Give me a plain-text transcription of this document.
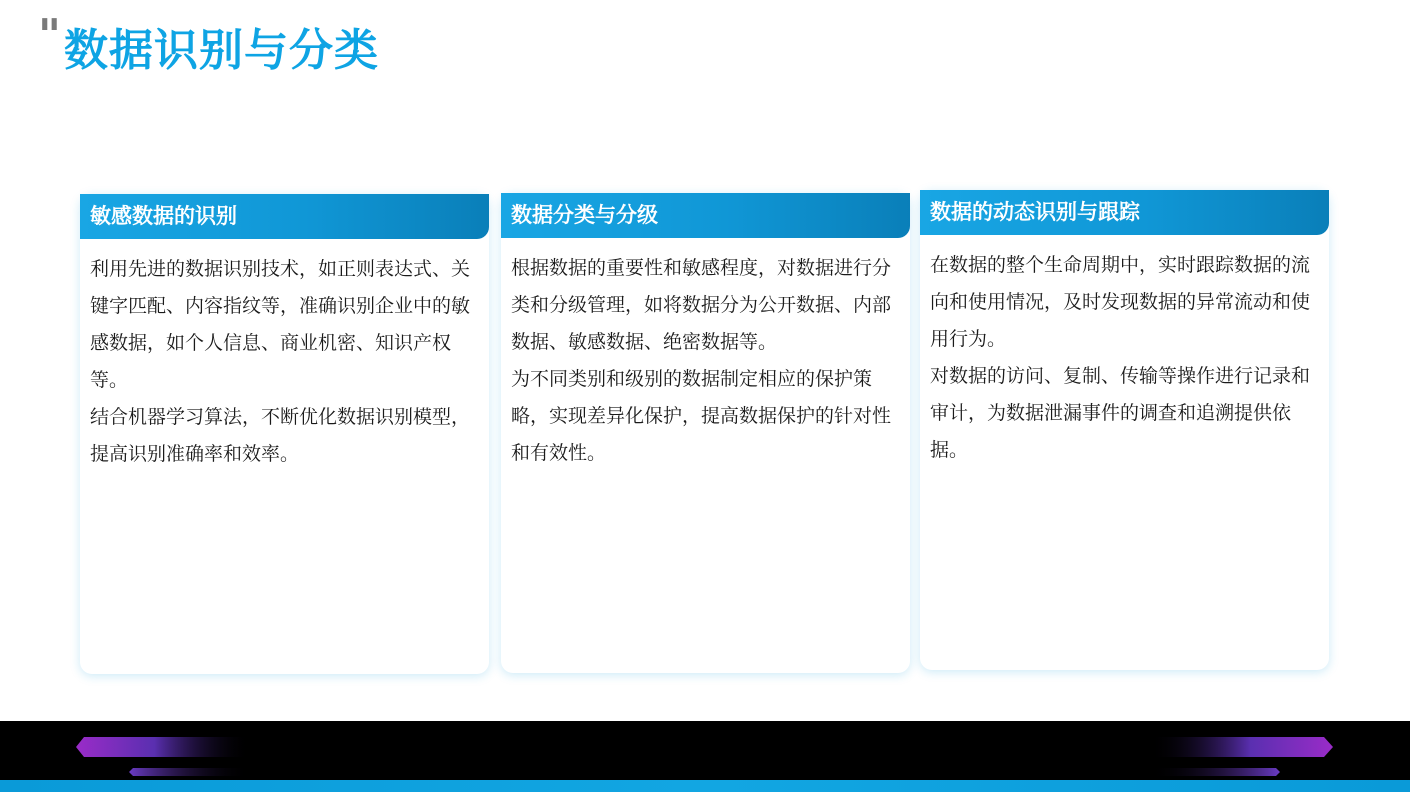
" 数据识别与分类
敏感数据的识别

利用先进的数据识别技术，如正则表达式、关键字匹配、内容指纹等，准确识别企业中的敏感数据，如个人信息、商业机密、知识产权等。

结合机器学习算法，不断优化数据识别模型，提高识别准确率和效率。

数据分类与分级

根据数据的重要性和敏感程度，对数据进行分类和分级管理，如将数据分为公开数据、内部数据、敏感数据、绝密数据等。

为不同类别和级别的数据制定相应的保护策略，实现差异化保护，提高数据保护的针对性和有效性。

数据的动态识别与跟踪

在数据的整个生命周期中，实时跟踪数据的流向和使用情况，及时发现数据的异常流动和使用行为。

对数据的访问、复制、传输等操作进行记录和审计，为数据泄漏事件的调查和追溯提供依据。
